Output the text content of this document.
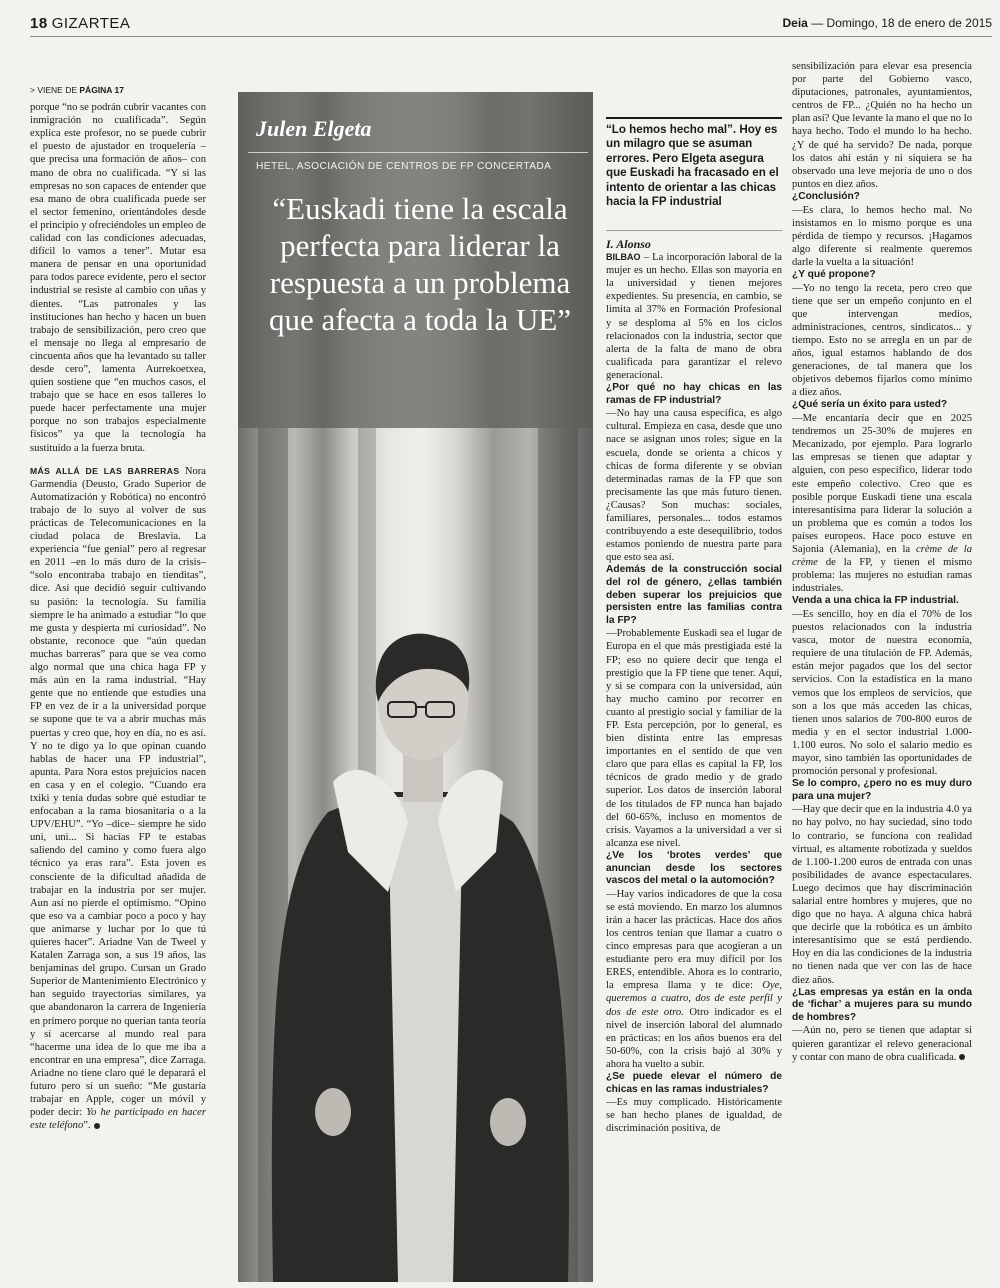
18 GIZARTEA	Deia — Domingo, 18 de enero de 2015
> VIENE DE PÁGINA 17

porque “no se podrán cubrir vacantes con inmigración no cualificada”. Según explica este profesor, no se puede cubrir el puesto de ajustador en troquelería –que precisa una formación de años– con mano de obra no cualificada. “Y si las empresas no son capaces de entender que esa mano de obra cualificada puede ser el sector femenino, orientándoles desde el principio y ofreciéndoles un empleo de calidad con las condiciones adecuadas, difícil lo vamos a tener”. Mutar esa manera de pensar en una oportunidad para todos parece evidente, pero el sector industrial se resiste al cambio con uñas y dientes. “Las patronales y las instituciones han hecho y hacen un buen trabajo de sensibilización, pero creo que el mensaje no llega al empresario de cincuenta años que ha levantado su taller desde cero”, lamenta Aurrekoetxea, quien sostiene que “en muchos casos, el trabajo que se hace en esos talleres lo puede hacer perfectamente una mujer porque no son trabajos especialmente físicos” ya que la tecnología ha sustituido a la fuerza bruta.

MÁS ALLÁ DE LAS BARRERAS Nora Garmendia (Deusto, Grado Superior de Automatización y Robótica) no encontró trabajo de lo suyo al volver de sus prácticas de Telecomunicaciones en la ciudad polaca de Breslavia. La experiencia “fue genial” pero al regresar en 2011 –en lo más duro de la crisis– “solo encontraba trabajo en tienditas”, dice. Así que decidió seguir cultivando su pasión: la tecnología. Su familia siempre le ha animado a estudiar “lo que me gusta y despierta mi curiosidad”. No obstante, reconoce que “aún quedan muchas barreras” para que se vea como algo normal que una chica haga FP y más aún en la rama industrial. “Hay gente que no entiende que estudies una FP en vez de ir a la universidad porque se supone que te va a abrir muchas más puertas y creo que, hoy en día, no es así. Y no te digo ya lo que opinan cuando hablas de hacer una FP industrial”, apunta. Para Nora estos prejuicios nacen en casa y en el colegio. “Cuando era txiki y tenía dudas sobre qué estudiar te enfocaban a la rama biosanitaria o a la UPV/EHU”. “Yo –dice– siempre he sido uni, uni... Si hacías FP te estabas saliendo del camino y como fuera algo técnico ya eras rara”. Esta joven es consciente de la dificultad añadida de trabajar en la industria por ser mujer. Aun así no pierde el optimismo. “Opino que eso va a cambiar poco a poco y hay que animarse y luchar por lo que tú quieres hacer”. Ariadne Van de Tweel y Katalen Zarraga son, a sus 19 años, las benjaminas del grupo. Cursan un Grado Superior de Mantenimiento Electrónico y han seguido trayectorias similares, ya que abandonaron la carrera de Ingeniería en primero porque no querían tanta teoría y sí acercarse al mundo real para “hacerme una idea de lo que me iba a encontrar en una empresa”, dice Zarraga. Ariadne no tiene claro qué le deparará el futuro pero sí un sueño: “Me gustaría trabajar en Apple, coger un móvil y poder decir: Yo he participado en hacer este teléfono”.

Julen Elgeta
HETEL, ASOCIACIÓN DE CENTROS DE FP CONCERTADA
“Euskadi tiene la escala perfecta para liderar la respuesta a un problema que afecta a toda la UE”
“Lo hemos hecho mal”. Hoy es un milagro que se asuman errores. Pero Elgeta asegura que Euskadi ha fracasado en el intento de orientar a las chicas hacia la FP industrial

I. Alonso

BILBAO – La incorporación laboral de la mujer es un hecho. Ellas son mayoría en la universidad y tienen mejores expedientes. Su presencia, en cambio, se limita al 37% en Formación Profesional y se desploma al 5% en los ciclos relacionados con la industria, sector que alerta de la falta de mano de obra cualificada para garantizar el relevo generacional.

¿Por qué no hay chicas en las ramas de FP industrial?

—No hay una causa específica, es algo cultural. Empieza en casa, desde que uno nace se asignan unos roles; sigue en la escuela, donde se orienta a chicos y chicas de forma diferente y se obvian determinadas ramas de la FP que son precisamente las que más futuro tienen. ¿Causas? Son muchas: sociales, familiares, personales... todos estamos contribuyendo a este desequilibrio, todos estamos poniendo de nuestra parte para que esto sea así.

Además de la construcción social del rol de género, ¿ellas también deben superar los prejuicios que persisten entre las familias contra la FP?

—Probablemente Euskadi sea el lugar de Europa en el que más prestigiada esté la FP; eso no quiere decir que tenga el prestigio que la FP tiene que tener. Aquí, y si se compara con la universidad, aún hay mucho camino por recorrer en cuanto al prestigio social y familiar de la FP. Esta percepción, por lo general, es bien distinta entre las empresas importantes en el sentido de que ven claro que para ellas es capital la FP, los técnicos de grado medio y de grado superior. Los datos de inserción laboral de los titulados de FP nunca han bajado del 60-65%, incluso en momentos de crisis. Vayamos a la universidad a ver si alcanza ese nivel.

¿Ve los ‘brotes verdes’ que anuncian desde los sectores vascos del metal o la automoción?

—Hay varios indicadores de que la cosa se está moviendo. En marzo los alumnos irán a hacer las prácticas. Hace dos años los centros tenían que llamar a cuatro o cinco empresas para que acogieran a un estudiante pero era muy difícil por los ERES, entendible. Ahora es lo contrario, la empresa llama y te dice: Oye, queremos a cuatro, dos de este perfil y dos de este otro. Otro indicador es el nivel de inserción laboral del alumnado en prácticas: en los años buenos era del 50-60%, con la crisis bajó al 30% y ahora ha vuelto a subir.

¿Se puede elevar el número de chicas en las ramas industriales?

—Es muy complicado. Históricamente se han hecho planes de igualdad, de discriminación positiva, de

sensibilización para elevar esa presencia por parte del Gobierno vasco, diputaciones, patronales, ayuntamientos, centros de FP... ¿Quién no ha hecho un plan así? Que levante la mano el que no lo haya hecho. Todo el mundo lo ha hecho. ¿Y de qué ha servido? De nada, porque los datos ahí están y ni siquiera se ha observado una leve mejoría de uno o dos puntos en diez años.

¿Conclusión?

—Es clara, lo hemos hecho mal. No insistamos en lo mismo porque es una pérdida de tiempo y recursos. ¡Hagamos algo diferente si realmente queremos darle la vuelta a la situación!

¿Y qué propone?

—Yo no tengo la receta, pero creo que tiene que ser un empeño conjunto en el que intervengan medios, administraciones, centros, sindicatos... y tiempo. Esto no se arregla en un par de años, igual estamos hablando de dos generaciones, de tal manera que los objetivos debemos fijarlos como mínimo a diez años.

¿Qué sería un éxito para usted?

—Me encantaría decir que en 2025 tendremos un 25-30% de mujeres en Mecanizado, por ejemplo. Para lograrlo las empresas se tienen que adaptar y alguien, con peso específico, liderar todo este empeño colectivo. Creo que es posible porque Euskadi tiene una escala interesantísima para liderar la solución a un problema que es común a todos los países europeos. Hace poco estuve en Sajonia (Alemania), en la crème de la crème de la FP, y tienen el mismo problema: las mujeres no estudian ramas industriales.

Venda a una chica la FP industrial.

—Es sencillo, hoy en día el 70% de los puestos relacionados con la industria vasca, motor de nuestra economía, requiere de una titulación de FP. Además, están mejor pagados que los del sector servicios. Con la estadística en la mano vemos que los empleos de servicios, que son a los que más acceden las chicas, tienen unos salarios de 700-800 euros de media y en el sector industrial 1.000-1.100 euros. No solo el salario medio es mayor, sino también las oportunidades de promoción personal y profesional.

Se lo compro, ¿pero no es muy duro para una mujer?

—Hay que decir que en la industria 4.0 ya no hay polvo, no hay suciedad, sino todo lo contrario, se funciona con realidad virtual, es altamente robotizada y sueldos de 1.100-1.200 euros de entrada con unas posibilidades de avance espectaculares. Luego decimos que hay discriminación salarial entre hombres y mujeres, que no digo que no haya. A alguna chica habrá que decirle que la robótica es un ámbito interesantísimo que se está perdiendo. Hoy en día las condiciones de la industria no tienen nada que ver con las de hace diez años.

¿Las empresas ya están en la onda de ‘fichar’ a mujeres para su mundo de hombres?

—Aún no, pero se tienen que adaptar si quieren garantizar el relevo generacional y contar con mano de obra cualificada.
